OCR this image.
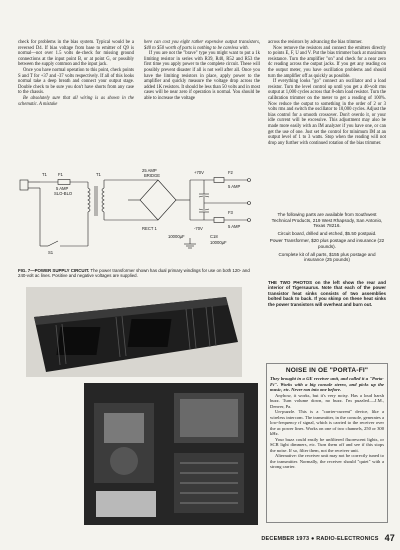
check for problems in the bias system. Typical would be a reversed D4. If bias voltage from base to emitter of Q9 is normal—not over 1.5 volts de-check for missing ground connections at the input point B, or at point G, or possibly between the supply common and the input jack.

Once you have normal operation to this point, check points S and T for +37 and -37 volts respectively. If all of this looks normal take a deep breath and connect your output stage. Double check to be sure you don't have shorts from any case to the chassis.

Be absolutely sure that all wiring is as shown in the schematic. A mistake

here can cost you eight rather expensive output transistors, $40 to $50 worth of parts is nothing to be careless with.

If you are not the "brave" type you might want to put a 1k limiting resistor in series with R39, R40, R52 and R53 the first time you apply power to the complete circuit. These will possibly prevent disaster if all is not well after all. Once you have the limiting resistors in place, apply power to the amplifier and quickly measure the voltage drop across the added 1K resistors. It should be less than 50 volts and in most cases will be near zero if operation is normal. You should be able to increase the voltage

across the resistors by advancing the bias trimmer.

Now remove the resistors and connect the emitters directly to points E, F, U and V. Put the bias trimmer back at maximum resistance. Turn the amplifier "on" and check for a near zero dc reading across the output jacks. If you get any reading on the output meter, you have oscillation problems and should turn the amplifier off as quickly as possible.

If everything looks "go" connect an oscillator and a load resistor. Turn the level control up until you get a 40-volt rms output at 1,000 cycles across that 8-ohm load resistor. Turn the calibration trimmer on the meter to get a reading of 100%. Now reduce the output to something in the order of 2 or 3 volts rms and switch the oscillator to 10,000 cycles. Adjust the bias control for a smooth crossover. Don't overdo it, or your idle current will be excessive. This adjustment may also be made more easily with an IM analyzer if you have one, or can get the use of one. Just set the control for minimum IM at an output level of 1 to 3 watts. Stop when the reading will not drop any further with continued rotation of the bias trimmer.

T1	F1
5 AMP
SLO-BLO
S1
25 AMP
BRIDGE
RECT 1
10000µF
+70V
-70V
F2
5 AMP
F3
5 AMP
C18
10000µF
T1
FIG. 7—POWER SUPPLY CIRCUIT. The power transformer shown has dual primary windings for use on both 120- and 240-volt ac lines. Positive and negative voltages are supplied.

The following parts are available from Southwest Technical Products, 219 West Rhapsody, San Antonio, Texas 78216.

Circuit board, drilled and etched, $5.50 postpaid.

Power Transformer, $20 plus postage and insurance (22 pounds).

Complete kit of all parts, $155 plus postage and insurance (25 pounds)

THE TWO PHOTOS on the left show the rear and interior of Tigersaurus. Note that each of the power transistor heat sinks consists of two assemblies bolted back to back. If you skimp on these heat sinks the power transistors will overheat and burn out.
NOISE IN OE "PORTA-FI"
They brought in a GE receiver unit, and called it a "Porta-Fi". Works with a big console stereo, and picks up the music, etc. Never ran into one before.

Anyhow, it works, but it's very noisy. Has a loud harsh buzz. Turn volume down, no buzz. I'm puzzled.—J.M., Denver, Pa.

Un-puzzle. This is a "carrier-current" device, like a wireless intercom. The transmitter, in the console, generates a low-frequency rf signal, which is carried to the receiver over the ac power lines. Works on one of two channels, 250 or 300 kHz.

Your buzz could easily be unfiltered fluorescent lights, or SCR light dimmers, etc. Turn them off and see if this stops the noise. If so, filter them, not the receiver unit.

Alternative: the receiver unit may not be correctly tuned to the transmitter. Normally, the receiver should "quiet" with a strong carrier.

DECEMBER 1973 ● RADIO-ELECTRONICS 47
